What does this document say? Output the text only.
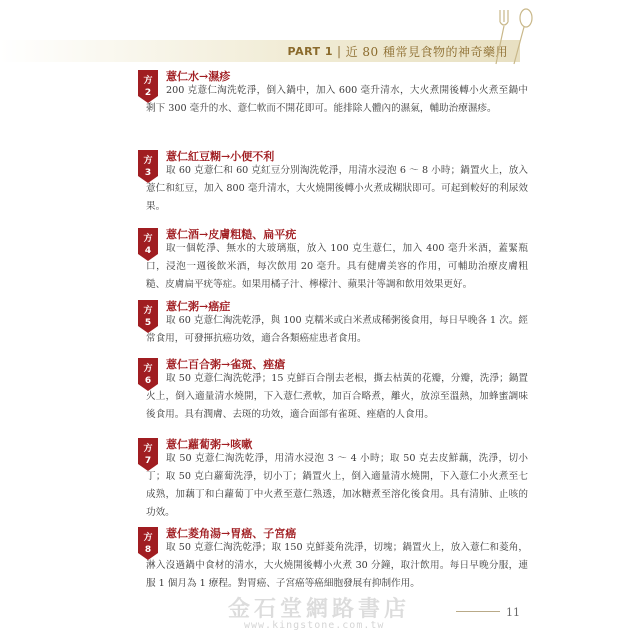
PART 1 | 近 80 種常見食物的神奇藥用
方
2
薏仁水→濕疹
200 克薏仁淘洗乾淨，倒入鍋中，加入 600 毫升清水，大火煮開後轉小火煮至鍋中剩下 300 毫升的水、薏仁軟而不開花即可。能排除人體內的濕氣，輔助治療濕疹。
方
3
薏仁紅豆糊→小便不利
取 60 克薏仁和 60 克紅豆分別淘洗乾淨，用清水浸泡 6 ～ 8 小時；鍋置火上，放入薏仁和紅豆，加入 800 毫升清水，大火燒開後轉小火煮成糊狀即可。可起到較好的利尿效果。
方
4
薏仁酒→皮膚粗糙、扁平疣
取一個乾淨、無水的大玻璃瓶，放入 100 克生薏仁，加入 400 毫升米酒，蓋緊瓶口，浸泡一週後飲米酒，每次飲用 20 毫升。具有健膚美容的作用，可輔助治療皮膚粗糙、皮膚扁平疣等症。如果用橘子汁、檸檬汁、蘋果汁等調和飲用效果更好。
方
5
薏仁粥→癌症
取 60 克薏仁淘洗乾淨，與 100 克糯米或白米煮成稀粥後食用，每日早晚各 1 次。經常食用，可發揮抗癌功效，適合各類癌症患者食用。
方
6
薏仁百合粥→雀斑、痤瘡
取 50 克薏仁淘洗乾淨；15 克鮮百合削去老根，撕去枯黃的花瓣，分瓣，洗淨；鍋置火上，倒入適量清水燒開，下入薏仁煮軟，加百合略煮，離火，放涼至溫熱，加蜂蜜調味後食用。具有潤膚、去斑的功效，適合面部有雀斑、痤瘡的人食用。
方
7
薏仁蘿蔔粥→咳嗽
取 50 克薏仁淘洗乾淨，用清水浸泡 3 ～ 4 小時；取 50 克去皮鮮藕，洗淨，切小丁；取 50 克白蘿蔔洗淨，切小丁；鍋置火上，倒入適量清水燒開，下入薏仁小火煮至七成熟，加藕丁和白蘿蔔丁中火煮至薏仁熟透，加冰糖煮至溶化後食用。具有清肺、止咳的功效。
方
8
薏仁菱角湯→胃癌、子宮癌
取 50 克薏仁淘洗乾淨；取 150 克鮮菱角洗淨，切塊；鍋置火上，放入薏仁和菱角，淋入沒過鍋中食材的清水，大火燒開後轉小火煮 30 分鐘，取汁飲用。每日早晚分服，連服 1 個月為 1 療程。對胃癌、子宮癌等癌細胞發展有抑制作用。
金石堂網路書店
www.kingstone.com.tw
11
